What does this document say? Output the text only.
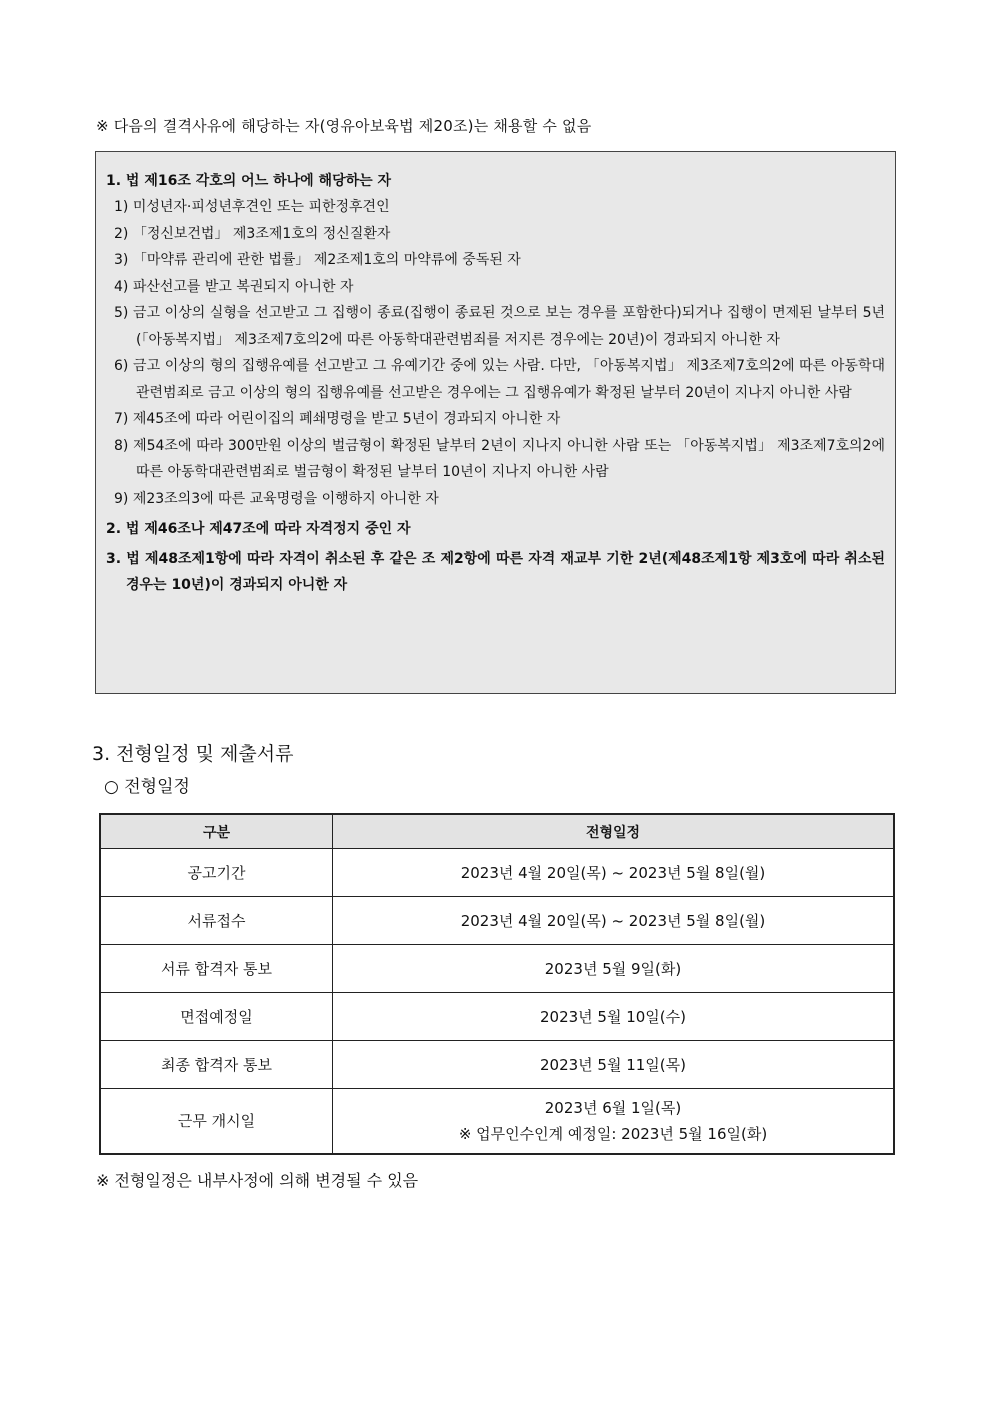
※ 다음의 결격사유에 해당하는 자(영유아보육법 제20조)는 채용할 수 없음
1. 법 제16조 각호의 어느 하나에 해당하는 자
1) 미성년자·피성년후견인 또는 피한정후견인
2) 「정신보건법」 제3조제1호의 정신질환자
3) 「마약류 관리에 관한 법률」 제2조제1호의 마약류에 중독된 자
4) 파산선고를 받고 복권되지 아니한 자
5) 금고 이상의 실형을 선고받고 그 집행이 종료(집행이 종료된 것으로 보는 경우를 포함한다)되거나 집행이 면제된 날부터 5년(「아동복지법」 제3조제7호의2에 따른 아동학대관련범죄를 저지른 경우에는 20년)이 경과되지 아니한 자
6) 금고 이상의 형의 집행유예를 선고받고 그 유예기간 중에 있는 사람. 다만, 「아동복지법」 제3조제7호의2에 따른 아동학대관련범죄로 금고 이상의 형의 집행유예를 선고받은 경우에는 그 집행유예가 확정된 날부터 20년이 지나지 아니한 사람
7) 제45조에 따라 어린이집의 폐쇄명령을 받고 5년이 경과되지 아니한 자
8) 제54조에 따라 300만원 이상의 벌금형이 확정된 날부터 2년이 지나지 아니한 사람 또는 「아동복지법」 제3조제7호의2에 따른 아동학대관련범죄로 벌금형이 확정된 날부터 10년이 지나지 아니한 사람
9) 제23조의3에 따른 교육명령을 이행하지 아니한 자
2. 법 제46조나 제47조에 따라 자격정지 중인 자
3. 법 제48조제1항에 따라 자격이 취소된 후 같은 조 제2항에 따른 자격 재교부 기한 2년(제48조제1항 제3호에 따라 취소된 경우는 10년)이 경과되지 아니한 자
3. 전형일정 및 제출서류
○ 전형일정
구분	전형일정
공고기간	2023년 4월 20일(목) ~ 2023년 5월 8일(월)
서류접수	2023년 4월 20일(목) ~ 2023년 5월 8일(월)
서류 합격자 통보	2023년 5월 9일(화)
면접예정일	2023년 5월 10일(수)
최종 합격자 통보	2023년 5월 11일(목)
근무 개시일	2023년 6월 1일(목)
※ 업무인수인계 예정일: 2023년 5월 16일(화)
※ 전형일정은 내부사정에 의해 변경될 수 있음
